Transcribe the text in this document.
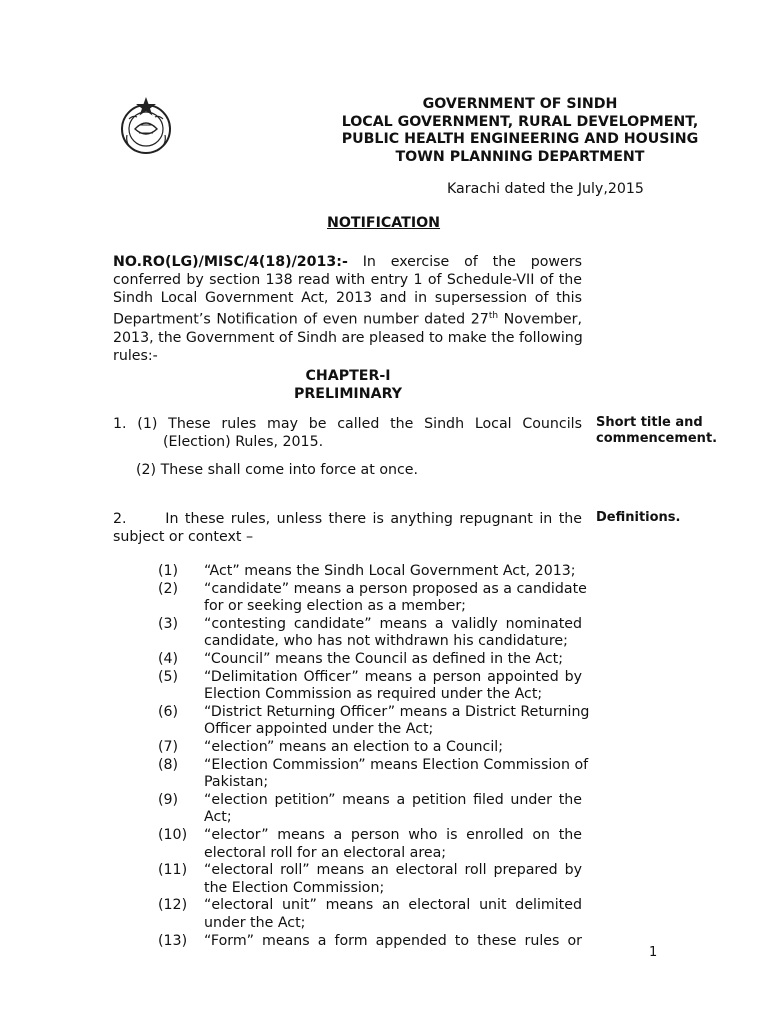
GOVERNMENT OF SINDH
LOCAL GOVERNMENT, RURAL DEVELOPMENT,
PUBLIC HEALTH ENGINEERING AND HOUSING
TOWN PLANNING DEPARTMENT
Karachi dated the July,2015
NOTIFICATION
NO.RO(LG)/MISC/4(18)/2013:- In exercise of the powers
conferred by section 138 read with entry 1 of Schedule-VII of the
Sindh Local Government Act, 2013 and in supersession of this
Department’s Notification of even number dated 27th November,
2013, the Government of Sindh are pleased to make the following
rules:-
CHAPTER-I
PRELIMINARY
1. (1) These rules may be called the Sindh Local Councils
(Election) Rules, 2015.
Short title and
commencement.
(2) These shall come into force at once.
2.      In these rules, unless there is anything repugnant in the
subject or context –
Definitions.
(1)	“Act” means the Sindh Local Government Act, 2013;
(2)	“candidate” means a person proposed as a candidate
for or seeking election as a member;
(3)	“contesting candidate” means a validly nominated
candidate, who has not withdrawn his candidature;
(4)	“Council” means the Council as defined in the Act;
(5)	“Delimitation Officer” means a person appointed by
Election Commission as required under the Act;
(6)	“District Returning Officer” means a District Returning
Officer appointed under the Act;
(7)	“election” means an election to a Council;
(8)	“Election Commission” means Election Commission of
Pakistan;
(9)	“election petition” means a petition filed under the
Act;
(10)	“elector” means a person who is enrolled on the
electoral roll for an electoral area;
(11)	“electoral roll” means an electoral roll prepared by
the Election Commission;
(12)	“electoral unit” means an electoral unit delimited
under the Act;
(13)	“Form” means a form appended to these rules or
1
